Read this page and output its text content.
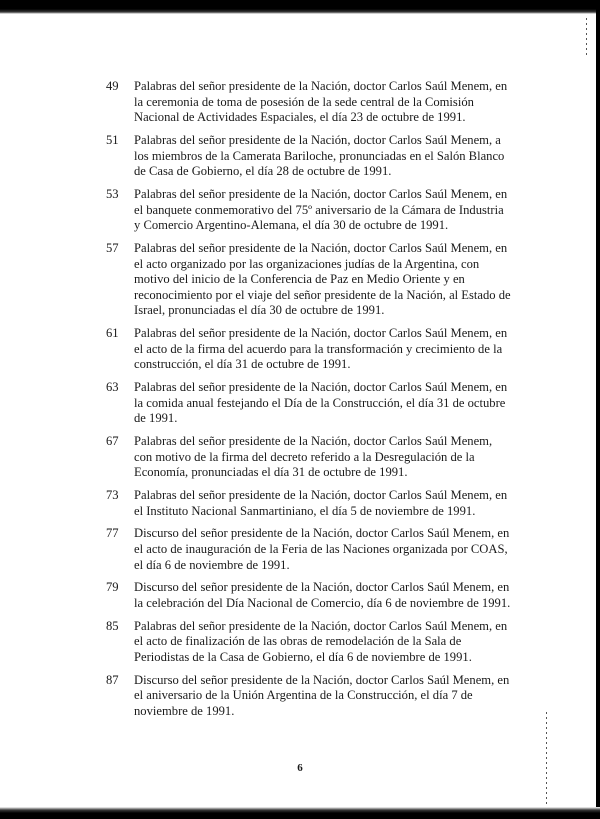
49	Palabras del señor presidente de la Nación, doctor Carlos Saúl Menem, en la ceremonia de toma de posesión de la sede central de la Comisión Nacional de Actividades Espaciales, el día 23 de octubre de 1991.
51	Palabras del señor presidente de la Nación, doctor Carlos Saúl Menem, a los miembros de la Camerata Bariloche, pronunciadas en el Salón Blanco de Casa de Gobierno, el día 28 de octubre de 1991.
53	Palabras del señor presidente de la Nación, doctor Carlos Saúl Menem, en el banquete conmemorativo del 75º aniversario de la Cámara de Industria y Comercio Argentino-Alemana, el día 30 de octubre de 1991.
57	Palabras del señor presidente de la Nación, doctor Carlos Saúl Menem, en el acto organizado por las organizaciones judías de la Argentina, con motivo del inicio de la Conferencia de Paz en Medio Oriente y en reconocimiento por el viaje del señor presidente de la Nación, al Estado de Israel, pronunciadas el día 30 de octubre de 1991.
61	Palabras del señor presidente de la Nación, doctor Carlos Saúl Menem, en el acto de la firma del acuerdo para la transformación y crecimiento de la construcción, el día 31 de octubre de 1991.
63	Palabras del señor presidente de la Nación, doctor Carlos Saúl Menem, en la comida anual festejando el Día de la Construcción, el día 31 de octubre de 1991.
67	Palabras del señor presidente de la Nación, doctor Carlos Saúl Menem, con motivo de la firma del decreto referido a la Desregulación de la Economía, pronunciadas el día 31 de octubre de 1991.
73	Palabras del señor presidente de la Nación, doctor Carlos Saúl Menem, en el Instituto Nacional Sanmartiniano, el día 5 de noviembre de 1991.
77	Discurso del señor presidente de la Nación, doctor Carlos Saúl Menem, en el acto de inauguración de la Feria de las Naciones organizada por COAS, el día 6 de noviembre de 1991.
79	Discurso del señor presidente de la Nación, doctor Carlos Saúl Menem, en la celebración del Día Nacional de Comercio, día 6 de noviembre de 1991.
85	Palabras del señor presidente de la Nación, doctor Carlos Saúl Menem, en el acto de finalización de las obras de remodelación de la Sala de Periodistas de la Casa de Gobierno, el día 6 de noviembre de 1991.
87	Discurso del señor presidente de la Nación, doctor Carlos Saúl Menem, en el aniversario de la Unión Argentina de la Construcción, el día 7 de noviembre de 1991.
6
